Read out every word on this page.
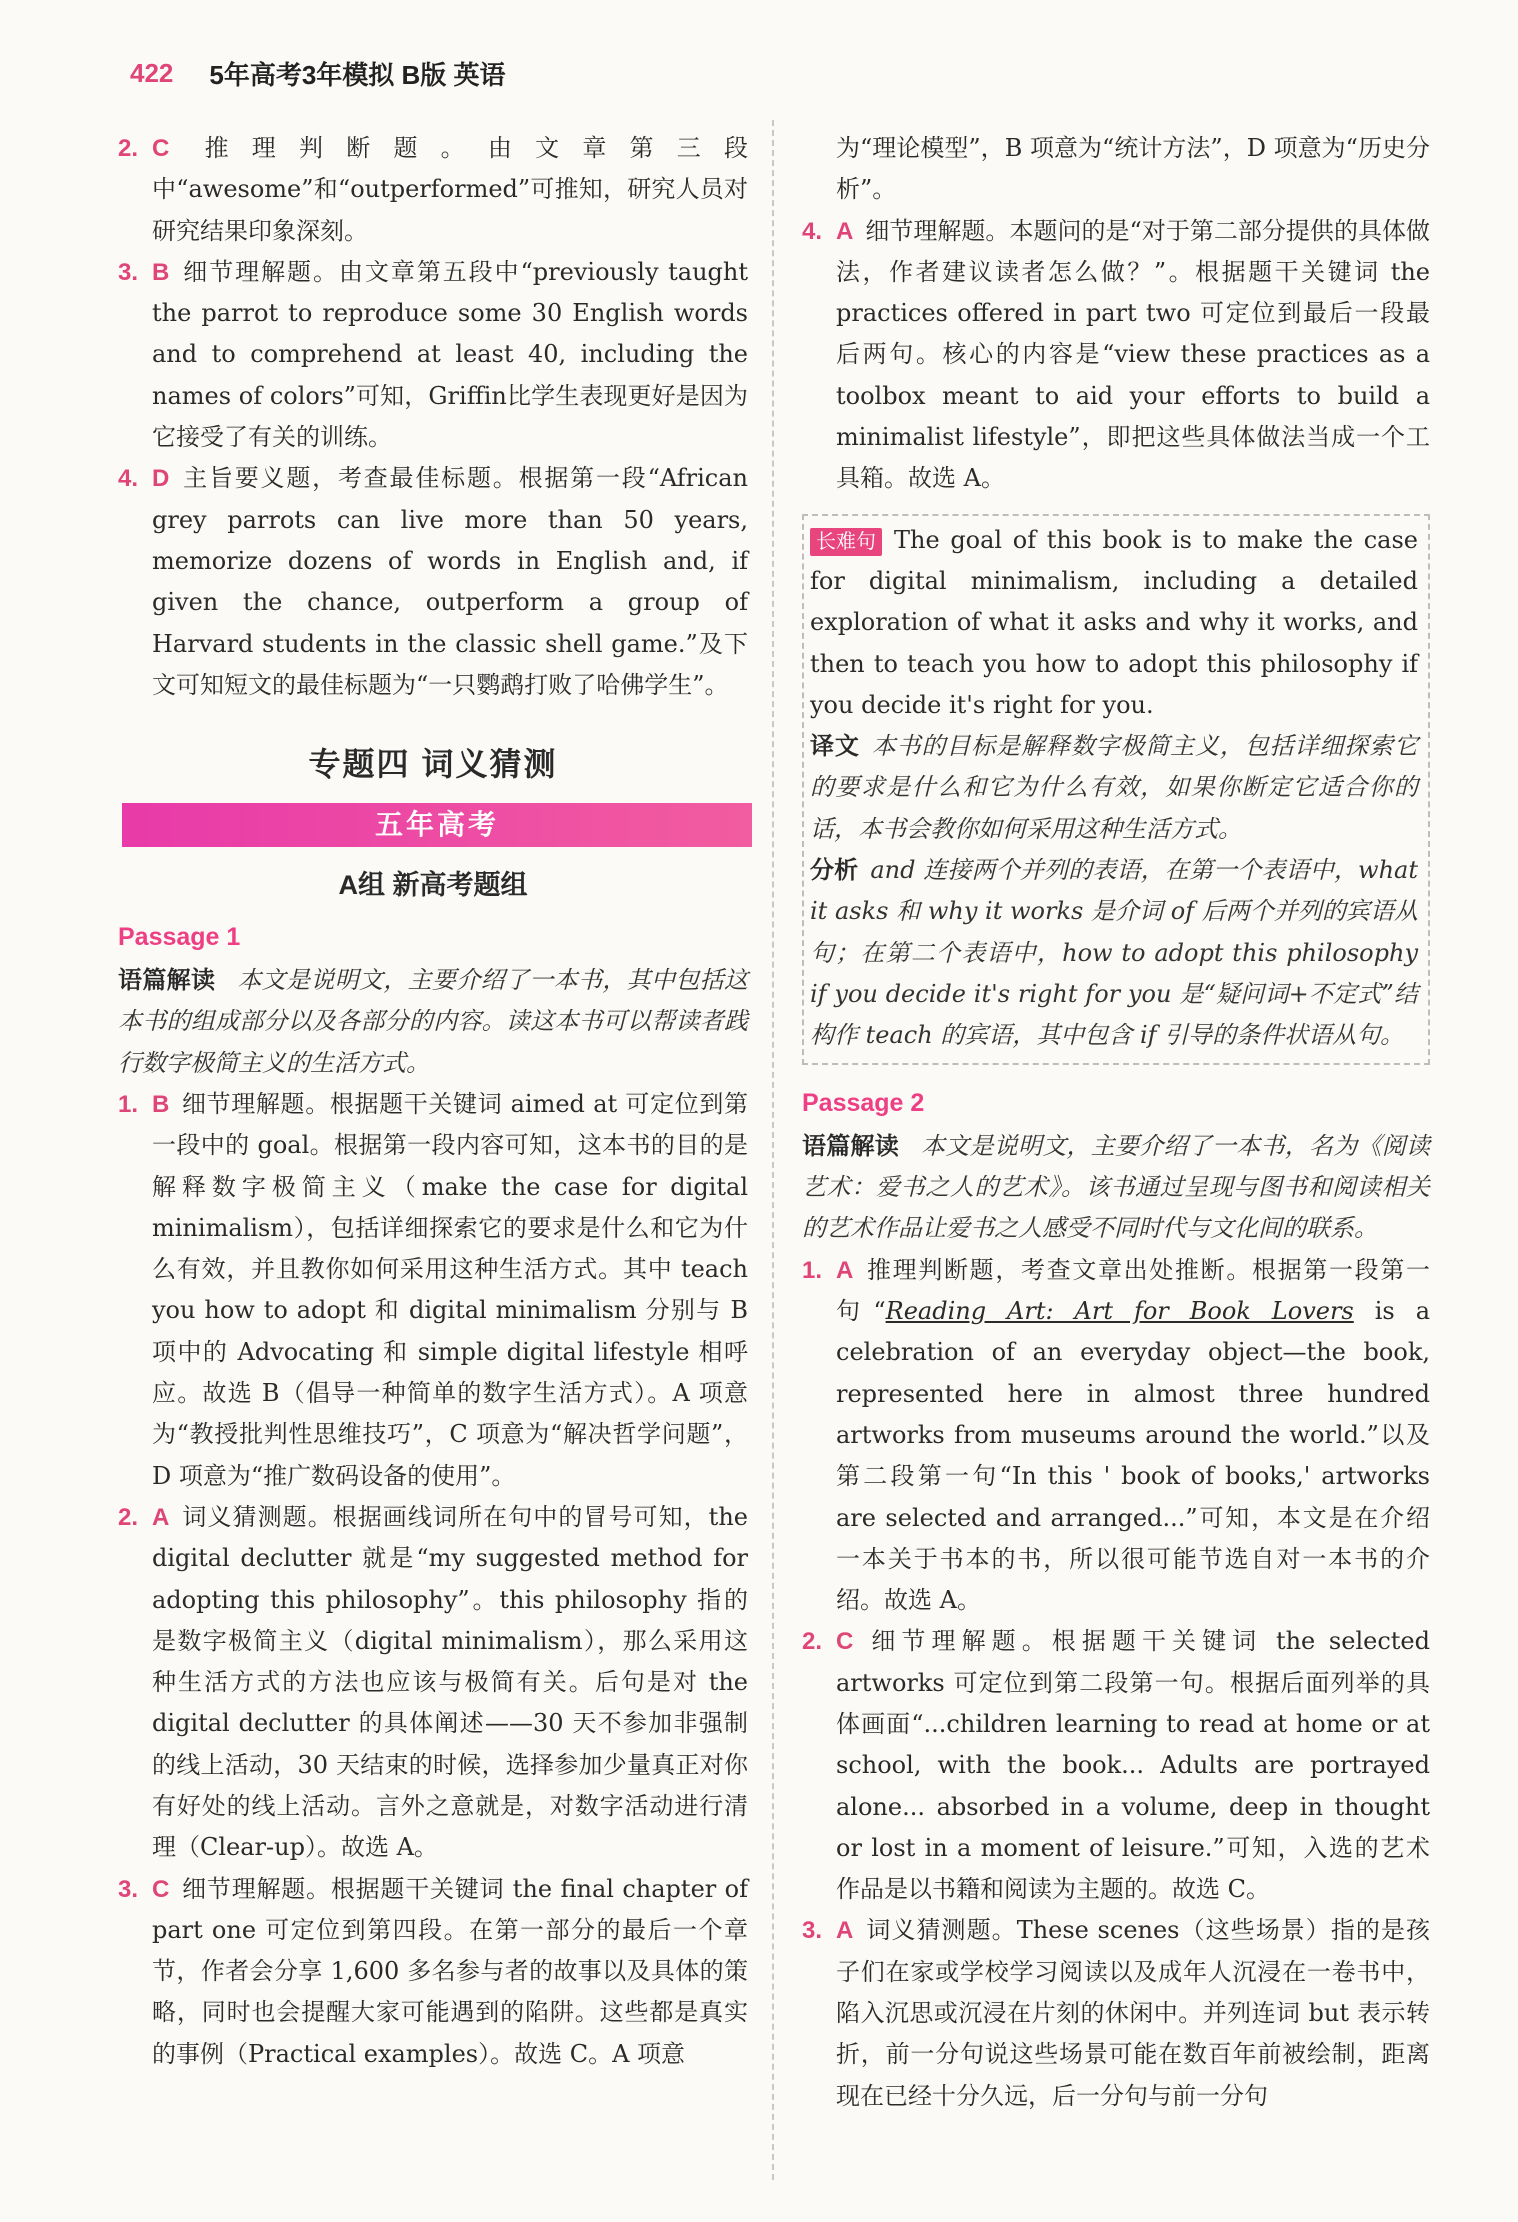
422 5年高考3年模拟 B版 英语
2. C 推理判断题。由文章第三段中“awesome”和“outperformed”可推知，研究人员对研究结果印象深刻。
3. B 细节理解题。由文章第五段中“previously taught the parrot to reproduce some 30 English words and to comprehend at least 40, including the names of colors”可知，Griffin比学生表现更好是因为它接受了有关的训练。
4. D 主旨要义题，考查最佳标题。根据第一段“African grey parrots can live more than 50 years, memorize dozens of words in English and, if given the chance, outperform a group of Harvard students in the classic shell game.”及下文可知短文的最佳标题为“一只鹦鹉打败了哈佛学生”。
专题四 词义猜测
五年高考
A组 新高考题组
Passage 1
语篇解读 本文是说明文，主要介绍了一本书，其中包括这本书的组成部分以及各部分的内容。读这本书可以帮读者践行数字极简主义的生活方式。
1. B 细节理解题。根据题干关键词 aimed at 可定位到第一段中的 goal。根据第一段内容可知，这本书的目的是解释数字极简主义（make the case for digital minimalism），包括详细探索它的要求是什么和它为什么有效，并且教你如何采用这种生活方式。其中 teach you how to adopt 和 digital minimalism 分别与 B 项中的 Advocating 和 simple digital lifestyle 相呼应。故选 B（倡导一种简单的数字生活方式）。A 项意为“教授批判性思维技巧”，C 项意为“解决哲学问题”，D 项意为“推广数码设备的使用”。
2. A 词义猜测题。根据画线词所在句中的冒号可知，the digital declutter 就是“my suggested method for adopting this philosophy”。this philosophy 指的是数字极简主义（digital minimalism），那么采用这种生活方式的方法也应该与极简有关。后句是对 the digital declutter 的具体阐述——30 天不参加非强制的线上活动，30 天结束的时候，选择参加少量真正对你有好处的线上活动。言外之意就是，对数字活动进行清理（Clear-up）。故选 A。
3. C 细节理解题。根据题干关键词 the final chapter of part one 可定位到第四段。在第一部分的最后一个章节，作者会分享 1,600 多名参与者的故事以及具体的策略，同时也会提醒大家可能遇到的陷阱。这些都是真实的事例（Practical examples）。故选 C。A 项意
为“理论模型”，B 项意为“统计方法”，D 项意为“历史分析”。
4. A 细节理解题。本题问的是“对于第二部分提供的具体做法，作者建议读者怎么做？”。根据题干关键词 the practices offered in part two 可定位到最后一段最后两句。核心的内容是“view these practices as a toolbox meant to aid your efforts to build a minimalist lifestyle”，即把这些具体做法当成一个工具箱。故选 A。
长难句 The goal of this book is to make the case for digital minimalism, including a detailed exploration of what it asks and why it works, and then to teach you how to adopt this philosophy if you decide it's right for you.
译文 本书的目标是解释数字极简主义，包括详细探索它的要求是什么和它为什么有效，如果你断定它适合你的话，本书会教你如何采用这种生活方式。
分析 and 连接两个并列的表语，在第一个表语中，what it asks 和 why it works 是介词 of 后两个并列的宾语从句；在第二个表语中，how to adopt this philosophy if you decide it's right for you 是“疑问词+不定式”结构作 teach 的宾语，其中包含 if 引导的条件状语从句。
Passage 2
语篇解读 本文是说明文，主要介绍了一本书，名为《阅读艺术：爱书之人的艺术》。该书通过呈现与图书和阅读相关的艺术作品让爱书之人感受不同时代与文化间的联系。
1. A 推理判断题，考查文章出处推断。根据第一段第一句“Reading Art: Art for Book Lovers is a celebration of an everyday object—the book, represented here in almost three hundred artworks from museums around the world.”以及第二段第一句“In this ' book of books,' artworks are selected and arranged...”可知，本文是在介绍一本关于书本的书，所以很可能节选自对一本书的介绍。故选 A。
2. C 细节理解题。根据题干关键词 the selected artworks 可定位到第二段第一句。根据后面列举的具体画面“...children learning to read at home or at school, with the book... Adults are portrayed alone... absorbed in a volume, deep in thought or lost in a moment of leisure.”可知，入选的艺术作品是以书籍和阅读为主题的。故选 C。
3. A 词义猜测题。These scenes（这些场景）指的是孩子们在家或学校学习阅读以及成年人沉浸在一卷书中，陷入沉思或沉浸在片刻的休闲中。并列连词 but 表示转折，前一分句说这些场景可能在数百年前被绘制，距离现在已经十分久远，后一分句与前一分句
